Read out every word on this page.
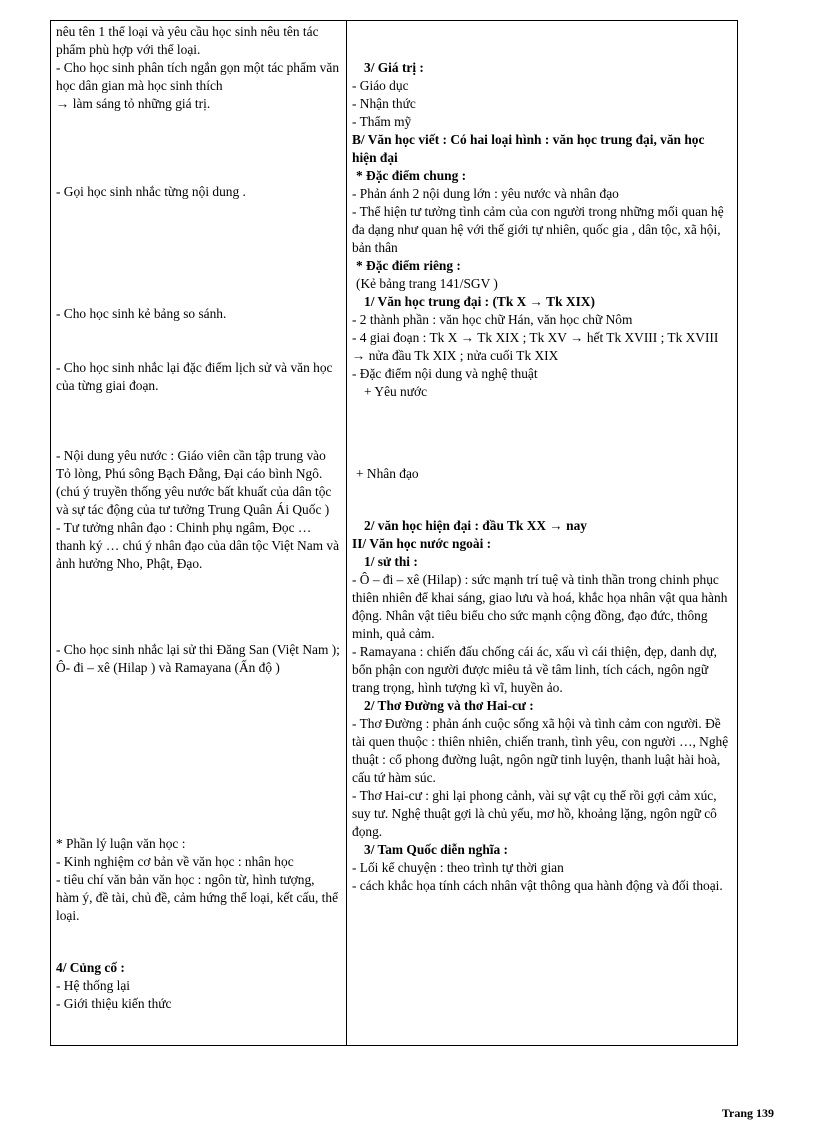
nêu tên 1 thể loại và yêu cầu học sinh nêu tên tác phẩm phù hợp với thể loại.
- Cho học sinh phân tích ngắn gọn một tác phẩm văn học dân gian mà học sinh thích
→ làm sáng tỏ những giá trị.
- Gọi học sinh nhắc từng nội dung .
- Cho học sinh kẻ bảng so sánh.
- Cho học sinh nhắc lại đặc điểm lịch sử và văn học của từng giai đoạn.
- Nội dung yêu nước : Giáo viên cần tập trung vào Tỏ lòng, Phú sông Bạch Đằng, Đại cáo bình Ngô. (chú ý truyền thống yêu nước bất khuất của dân tộc và sự tác động của tư tưởng Trung Quân Ái Quốc )
- Tư tưởng nhân đạo : Chinh phụ ngâm, Đọc … thanh ký … chú ý nhân đạo của dân tộc Việt Nam và ảnh hưởng Nho, Phật, Đạo.
- Cho học sinh nhắc lại sử thi Đăng San (Việt Nam ); Ô- đi – xê (Hilap ) và Ramayana (Ấn độ )
* Phần lý luận văn học :
- Kinh nghiệm cơ bản về văn học : nhân học
- tiêu chí văn bản văn học : ngôn từ, hình tượng, hàm ý, đề tài, chủ đề, cảm hứng thể loại, kết cấu, thể loại.
4/ Củng cố :
- Hệ thống lại
- Giới thiệu kiến thức
3/ Giá trị :
- Giáo dục
- Nhận thức
- Thẩm mỹ
B/ Văn học viết : Có hai loại hình : văn học trung đại, văn học hiện đại
* Đặc điểm chung :
- Phản ánh 2 nội dung lớn : yêu nước và nhân đạo
- Thể hiện tư tưởng tình cảm của con người trong những mối quan hệ đa dạng như quan hệ với thế giới tự nhiên, quốc gia , dân tộc, xã hội, bản thân
* Đặc điểm riêng :
(Kẻ bảng trang 141/SGV )
1/ Văn học trung đại : (Tk X → Tk XIX)
- 2 thành phần : văn học chữ Hán, văn học chữ Nôm
- 4 giai đoạn : Tk X → Tk XIX ; Tk XV → hết Tk XVIII ; Tk XVIII → nửa đầu Tk XIX ; nửa cuối Tk XIX
- Đặc điểm nội dung và nghệ thuật
+ Yêu nước
+ Nhân đạo
2/ văn học hiện đại : đầu Tk XX → nay
II/ Văn học nước ngoài :
1/ sử thi :
- Ô – đi – xê (Hilap) : sức mạnh trí tuệ và tinh thần trong chinh phục thiên nhiên để khai sáng, giao lưu và hoá, khắc họa nhân vật qua hành động. Nhân vật tiêu biểu cho sức mạnh cộng đồng, đạo đức, thông minh, quả cảm.
- Ramayana : chiến đấu chống cái ác, xấu vì cái thiện, đẹp, danh dự, bổn phận con người được miêu tả về tâm linh, tích cách, ngôn ngữ trang trọng, hình tượng kì vĩ, huyền ảo.
2/ Thơ Đường và thơ Hai-cư :
- Thơ Đường : phản ánh cuộc sống xã hội và tình cảm con người. Đề tài quen thuộc : thiên nhiên, chiến tranh, tình yêu, con người …, Nghệ thuật : cổ phong đường luật, ngôn ngữ tinh luyện, thanh luật hài hoà, cấu tứ hàm súc.
- Thơ Hai-cư : ghi lại phong cảnh, vài sự vật cụ thể rồi gợi cảm xúc, suy tư. Nghệ thuật gợi là chủ yếu, mơ hồ, khoảng lặng, ngôn ngữ cô đọng.
3/ Tam Quốc diễn nghĩa :
- Lối kể chuyện : theo trình tự thời gian
- cách khắc họa tính cách nhân vật thông qua hành động và đối thoại.
Trang 139
